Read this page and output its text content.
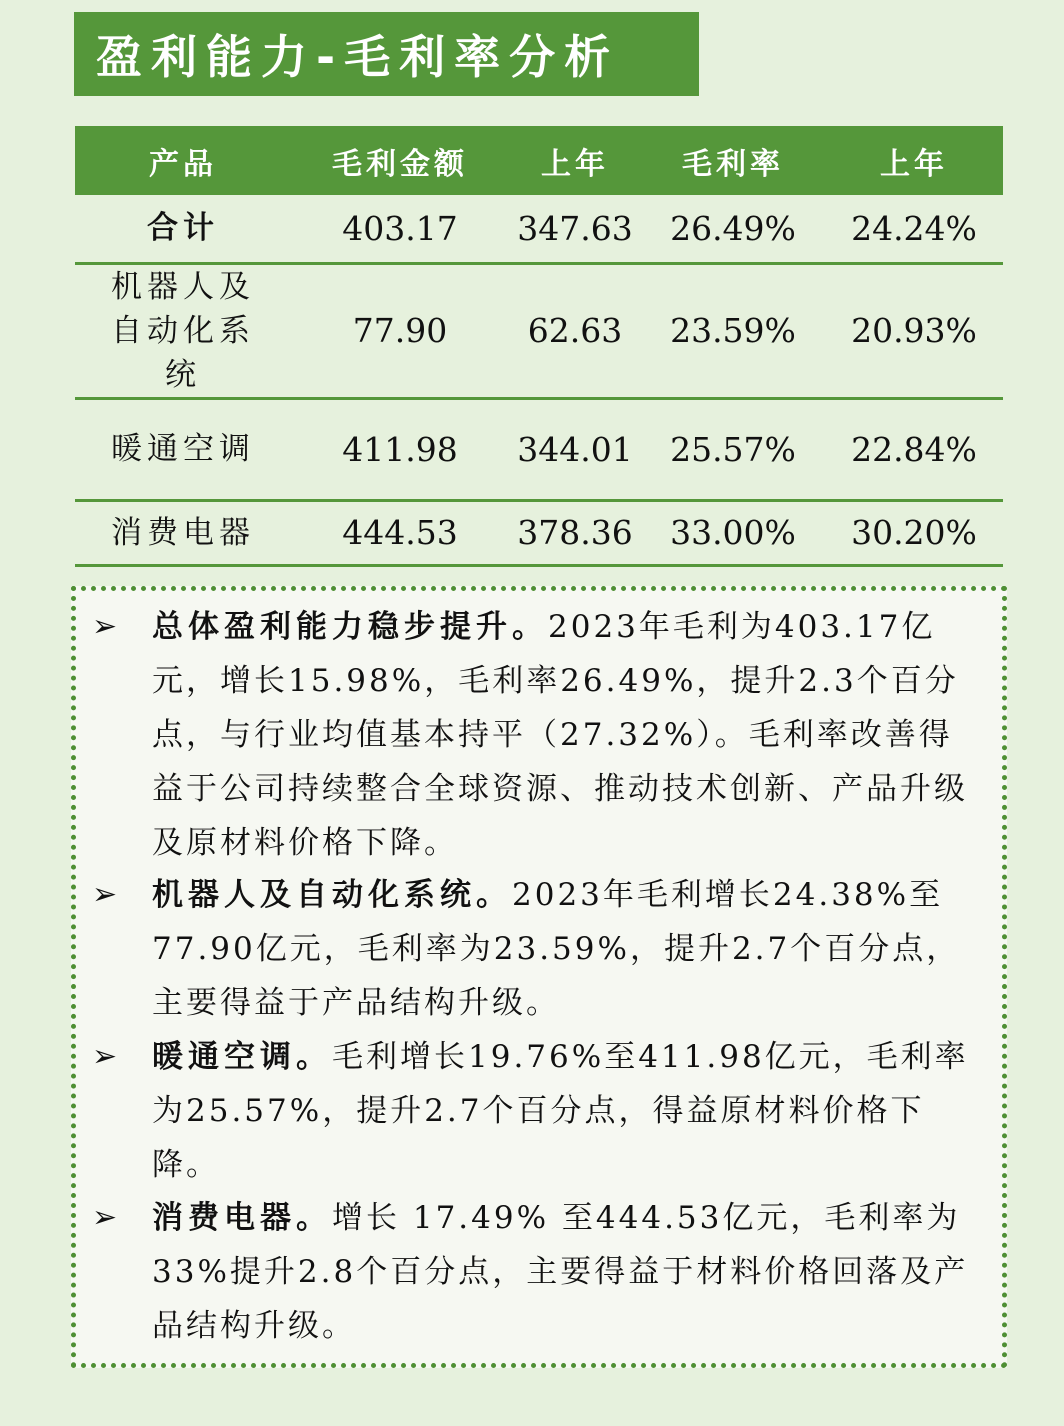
盈利能力-毛利率分析
产品	毛利金额	上年	毛利率	上年
合计	403.17	347.63	26.49%	24.24%

机器人及自动化系统	77.90	62.63	23.59%	20.93%
暖通空调	411.98	344.01	25.57%	22.84%
消费电器	444.53	378.36	33.00%	30.20%
➢ 总体盈利能力稳步提升。2023年毛利为403.17亿元，增长15.98%，毛利率26.49%，提升2.3个百分点，与行业均值基本持平（27.32%）。毛利率改善得益于公司持续整合全球资源、推动技术创新、产品升级及原材料价格下降。
➢ 机器人及自动化系统。2023年毛利增长24.38%至77.90亿元，毛利率为23.59%，提升2.7个百分点，主要得益于产品结构升级。
➢ 暖通空调。毛利增长19.76%至411.98亿元，毛利率为25.57%，提升2.7个百分点，得益原材料价格下降。
➢ 消费电器。增长 17.49% 至444.53亿元，毛利率为33%提升2.8个百分点，主要得益于材料价格回落及产品结构升级。
